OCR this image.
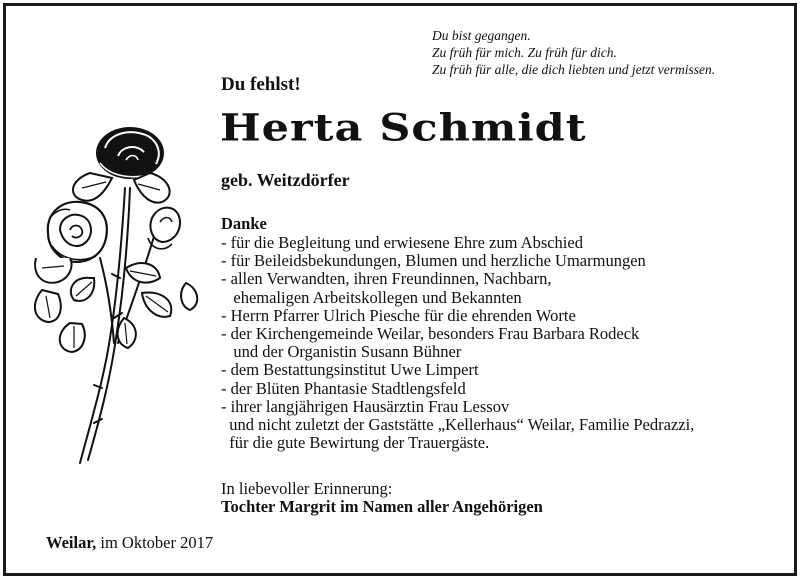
Du bist gegangen.
Zu früh für mich. Zu früh für dich.
Zu früh für alle, die dich liebten und jetzt vermissen.
Du fehlst!
Herta Schmidt
geb. Weitzdörfer
Danke
- für die Begleitung und erwiesene Ehre zum Abschied
- für Beileidsbekundungen, Blumen und herzliche Umarmungen
- allen Verwandten, ihren Freundinnen, Nachbarn,
ehemaligen Arbeitskollegen und Bekannten
- Herrn Pfarrer Ulrich Piesche für die ehrenden Worte
- der Kirchengemeinde Weilar, besonders Frau Barbara Rodeck
und der Organistin Susann Bühner
- dem Bestattungsinstitut Uwe Limpert
- der Blüten Phantasie Stadtlengsfeld
- ihrer langjährigen Hausärztin Frau Lessov
und nicht zuletzt der Gaststätte „Kellerhaus“ Weilar, Familie Pedrazzi,
für die gute Bewirtung der Trauergäste.
In liebevoller Erinnerung:
Tochter Margrit im Namen aller Angehörigen
Weilar, im Oktober 2017
